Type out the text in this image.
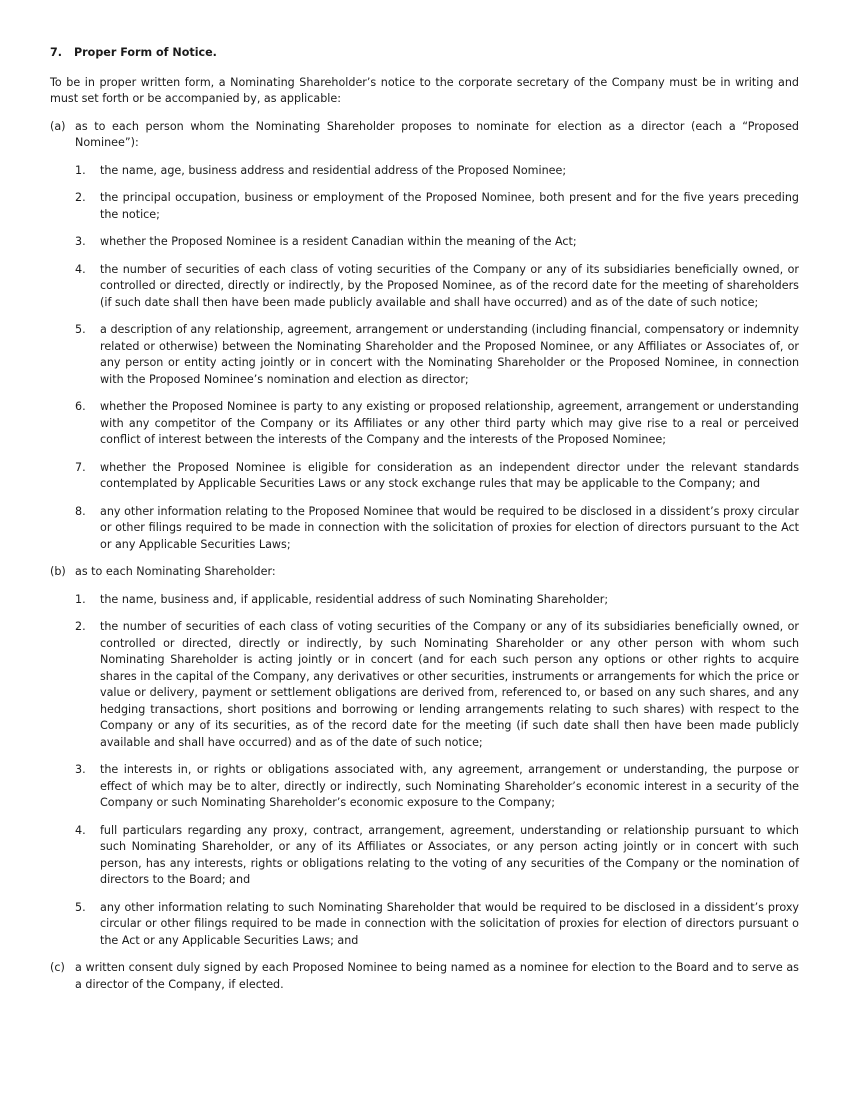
7. Proper Form of Notice.

To be in proper written form, a Nominating Shareholder’s notice to the corporate secretary of the Company must be in writing and must set forth or be accompanied by, as applicable:

(a) as to each person whom the Nominating Shareholder proposes to nominate for election as a director (each a “Proposed Nominee”):
1. the name, age, business address and residential address of the Proposed Nominee;
2. the principal occupation, business or employment of the Proposed Nominee, both present and for the five years preceding the notice;
3. whether the Proposed Nominee is a resident Canadian within the meaning of the Act;
4. the number of securities of each class of voting securities of the Company or any of its subsidiaries beneficially owned, or controlled or directed, directly or indirectly, by the Proposed Nominee, as of the record date for the meeting of shareholders (if such date shall then have been made publicly available and shall have occurred) and as of the date of such notice;
5. a description of any relationship, agreement, arrangement or understanding (including financial, compensatory or indemnity related or otherwise) between the Nominating Shareholder and the Proposed Nominee, or any Affiliates or Associates of, or any person or entity acting jointly or in concert with the Nominating Shareholder or the Proposed Nominee, in connection with the Proposed Nominee’s nomination and election as director;
6. whether the Proposed Nominee is party to any existing or proposed relationship, agreement, arrangement or understanding with any competitor of the Company or its Affiliates or any other third party which may give rise to a real or perceived conflict of interest between the interests of the Company and the interests of the Proposed Nominee;
7. whether the Proposed Nominee is eligible for consideration as an independent director under the relevant standards contemplated by Applicable Securities Laws or any stock exchange rules that may be applicable to the Company; and
8. any other information relating to the Proposed Nominee that would be required to be disclosed in a dissident’s proxy circular or other filings required to be made in connection with the solicitation of proxies for election of directors pursuant to the Act or any Applicable Securities Laws;
(b) as to each Nominating Shareholder:
1. the name, business and, if applicable, residential address of such Nominating Shareholder;
2. the number of securities of each class of voting securities of the Company or any of its subsidiaries beneficially owned, or controlled or directed, directly or indirectly, by such Nominating Shareholder or any other person with whom such Nominating Shareholder is acting jointly or in concert (and for each such person any options or other rights to acquire shares in the capital of the Company, any derivatives or other securities, instruments or arrangements for which the price or value or delivery, payment or settlement obligations are derived from, referenced to, or based on any such shares, and any hedging transactions, short positions and borrowing or lending arrangements relating to such shares) with respect to the Company or any of its securities, as of the record date for the meeting (if such date shall then have been made publicly available and shall have occurred) and as of the date of such notice;
3. the interests in, or rights or obligations associated with, any agreement, arrangement or understanding, the purpose or effect of which may be to alter, directly or indirectly, such Nominating Shareholder’s economic interest in a security of the Company or such Nominating Shareholder’s economic exposure to the Company;
4. full particulars regarding any proxy, contract, arrangement, agreement, understanding or relationship pursuant to which such Nominating Shareholder, or any of its Affiliates or Associates, or any person acting jointly or in concert with such person, has any interests, rights or obligations relating to the voting of any securities of the Company or the nomination of directors to the Board; and
5. any other information relating to such Nominating Shareholder that would be required to be disclosed in a dissident’s proxy circular or other filings required to be made in connection with the solicitation of proxies for election of directors pursuant o the Act or any Applicable Securities Laws; and
(c) a written consent duly signed by each Proposed Nominee to being named as a nominee for election to the Board and to serve as a director of the Company, if elected.
